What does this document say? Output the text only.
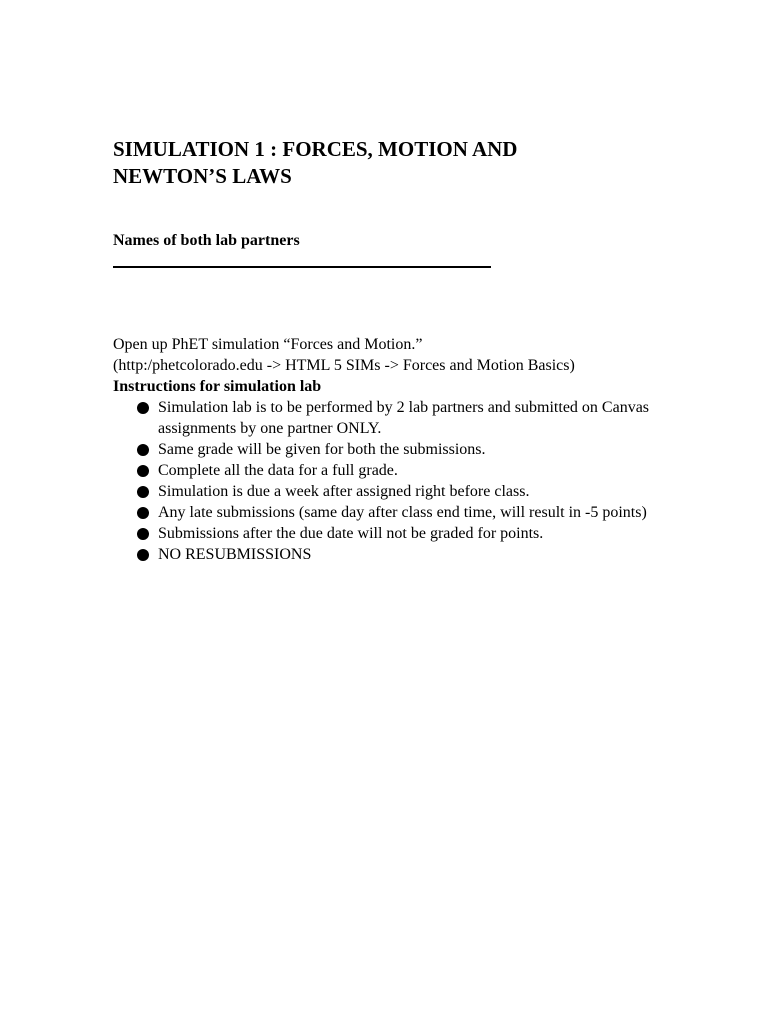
SIMULATION 1 : FORCES, MOTION AND NEWTON’S LAWS

Names of both lab partners

Open up PhET simulation “Forces and Motion.”

(http:/phetcolorado.edu -> HTML 5 SIMs -> Forces and Motion Basics)

Instructions for simulation lab

Simulation lab is to be performed by 2 lab partners and submitted on Canvas assignments by one partner ONLY.
Same grade will be given for both the submissions.
Complete all the data for a full grade.
Simulation is due a week after assigned right before class.
Any late submissions (same day after class end time, will result in -5 points)
Submissions after the due date will not be graded for points.
NO RESUBMISSIONS
